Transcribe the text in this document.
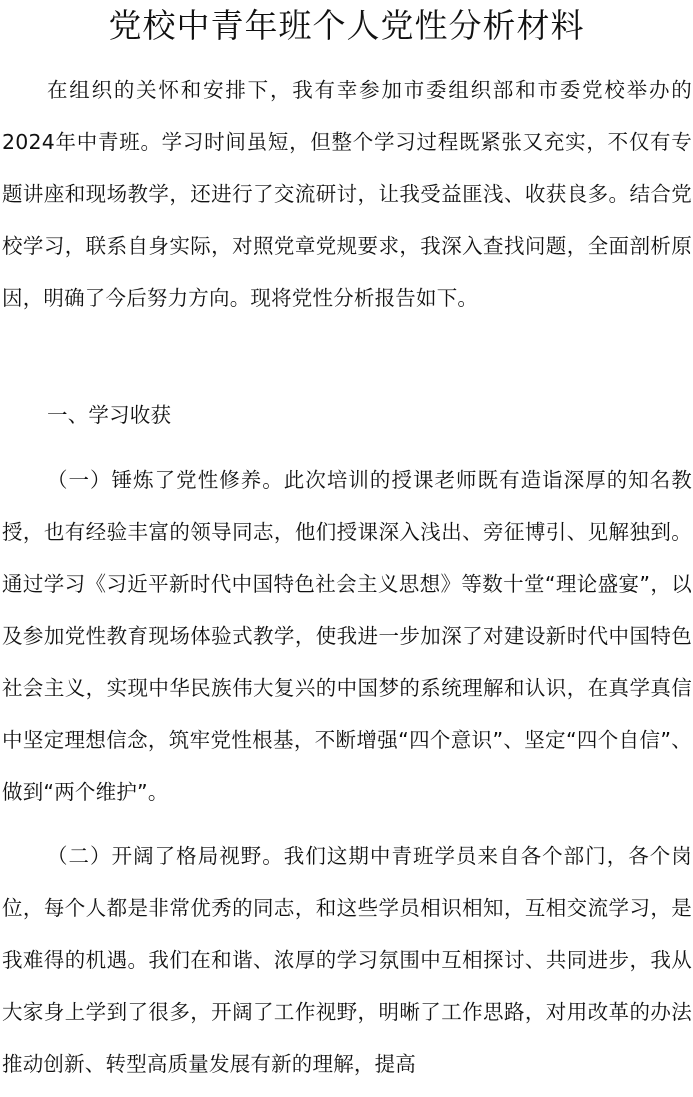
党校中青年班个人党性分析材料

在组织的关怀和安排下，我有幸参加市委组织部和市委党校举办的2024年中青班。学习时间虽短，但整个学习过程既紧张又充实，不仅有专题讲座和现场教学，还进行了交流研讨，让我受益匪浅、收获良多。结合党校学习，联系自身实际，对照党章党规要求，我深入查找问题，全面剖析原因，明确了今后努力方向。现将党性分析报告如下。

一、学习收获

（一）锤炼了党性修养。此次培训的授课老师既有造诣深厚的知名教授，也有经验丰富的领导同志，他们授课深入浅出、旁征博引、见解独到。通过学习《习近平新时代中国特色社会主义思想》等数十堂“理论盛宴”，以及参加党性教育现场体验式教学，使我进一步加深了对建设新时代中国特色社会主义，实现中华民族伟大复兴的中国梦的系统理解和认识，在真学真信中坚定理想信念，筑牢党性根基，不断增强“四个意识”、坚定“四个自信”、做到“两个维护”。

（二）开阔了格局视野。我们这期中青班学员来自各个部门，各个岗位，每个人都是非常优秀的同志，和这些学员相识相知，互相交流学习，是我难得的机遇。我们在和谐、浓厚的学习氛围中互相探讨、共同进步，我从大家身上学到了很多，开阔了工作视野，明晰了工作思路，对用改革的办法推动创新、转型高质量发展有新的理解，提高
